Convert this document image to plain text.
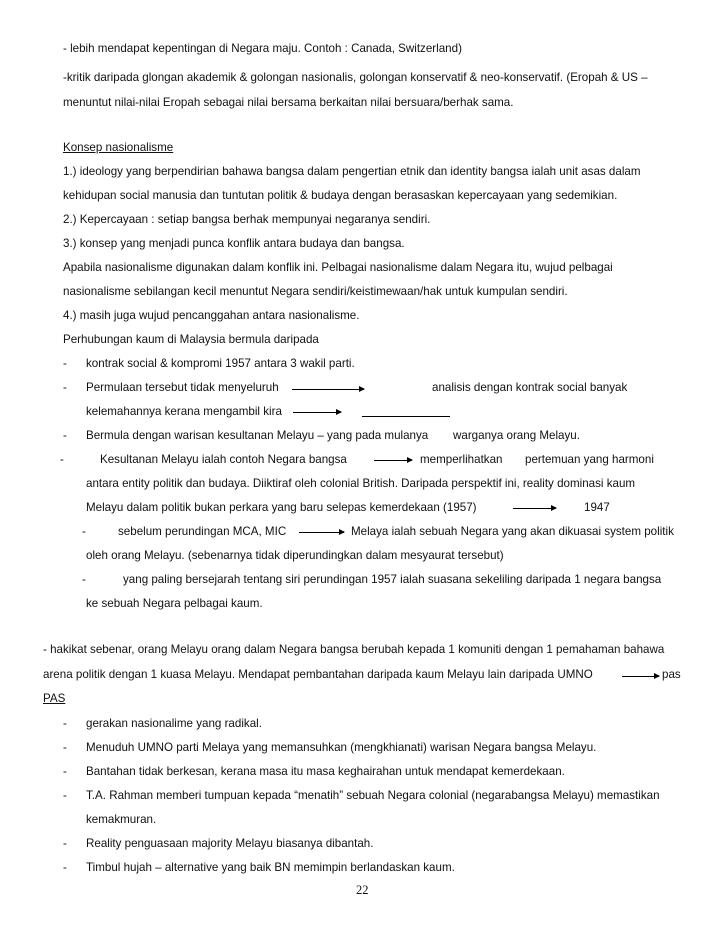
- lebih mendapat kepentingan di Negara maju. Contoh : Canada, Switzerland)
-kritik daripada glongan akademik & golongan nasionalis, golongan konservatif & neo-konservatif. (Eropah & US –
menuntut nilai-nilai Eropah sebagai nilai bersama berkaitan nilai bersuara/berhak sama.
Konsep nasionalisme
1.) ideology yang berpendirian bahawa bangsa dalam pengertian etnik dan identity bangsa ialah unit asas dalam
kehidupan social manusia dan tuntutan politik & budaya dengan berasaskan kepercayaan yang sedemikian.
2.) Kepercayaan : setiap bangsa berhak mempunyai negaranya sendiri.
3.) konsep yang menjadi punca konflik antara budaya dan bangsa.
Apabila nasionalisme digunakan dalam konflik ini. Pelbagai nasionalisme dalam Negara itu, wujud pelbagai
nasionalisme sebilangan kecil menuntut Negara sendiri/keistimewaan/hak untuk kumpulan sendiri.
4.) masih juga wujud pencanggahan antara nasionalisme.
Perhubungan kaum di Malaysia bermula daripada
- kontrak social & kompromi 1957 antara 3 wakil parti.
- Permulaan tersebut tidak menyeluruh	analisis dengan kontrak social banyak
kelemahannya kerana mengambil kira
- Bermula dengan warisan kesultanan Melayu – yang pada mulanya warganya orang Melayu.
-	Kesultanan Melayu ialah contoh Negara bangsa	memperlihatkan pertemuan yang harmoni
antara entity politik dan budaya. Diiktiraf oleh colonial British. Daripada perspektif ini, reality dominasi kaum
Melayu dalam politik bukan perkara yang baru selepas kemerdekaan (1957)	1947
-	sebelum perundingan MCA, MIC	Melaya ialah sebuah Negara yang akan dikuasai system politik
oleh orang Melayu. (sebenarnya tidak diperundingkan dalam mesyaurat tersebut)
-	yang paling bersejarah tentang siri perundingan 1957 ialah suasana sekeliling daripada 1 negara bangsa
ke sebuah Negara pelbagai kaum.
- hakikat sebenar, orang Melayu orang dalam Negara bangsa berubah kepada 1 komuniti dengan 1 pemahaman bahawa
arena politik dengan 1 kuasa Melayu. Mendapat pembantahan daripada kaum Melayu lain daripada UMNO	pas
PAS
- gerakan nasionalime yang radikal.
- Menuduh UMNO parti Melaya yang memansuhkan (mengkhianati) warisan Negara bangsa Melayu.
- Bantahan tidak berkesan, kerana masa itu masa keghairahan untuk mendapat kemerdekaan.
- T.A. Rahman memberi tumpuan kepada “menatih” sebuah Negara colonial (negarabangsa Melayu) memastikan
kemakmuran.
- Reality penguasaan majority Melayu biasanya dibantah.
- Timbul hujah – alternative yang baik BN memimpin berlandaskan kaum.
22
